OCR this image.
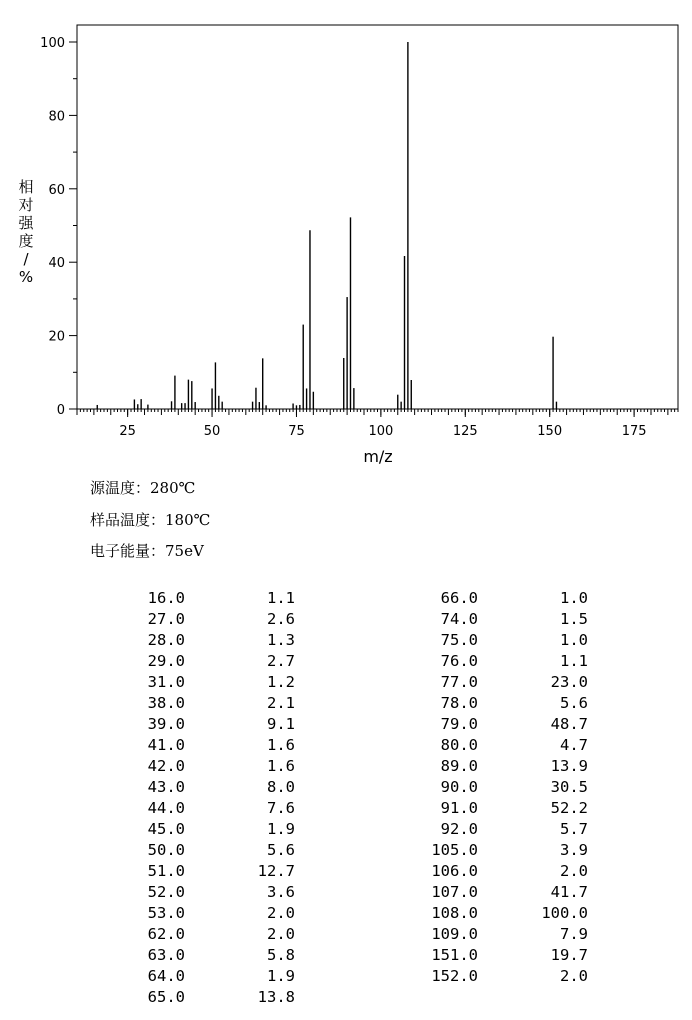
0
20
40
60
80
100
25	50	75	100	125	150	175
m/z
相
对
强
度
/
%
源温度：280℃
样品温度：180℃
电子能量：75eV
16.0	1.1
27.0	2.6
28.0	1.3
29.0	2.7
31.0	1.2
38.0	2.1
39.0	9.1
41.0	1.6
42.0	1.6
43.0	8.0
44.0	7.6
45.0	1.9
50.0	5.6
51.0	12.7
52.0	3.6
53.0	2.0
62.0	2.0
63.0	5.8
64.0	1.9
65.0	13.8
66.0	1.0
74.0	1.5
75.0	1.0
76.0	1.1
77.0	23.0
78.0	5.6
79.0	48.7
80.0	4.7
89.0	13.9
90.0	30.5
91.0	52.2
92.0	5.7
105.0	3.9
106.0	2.0
107.0	41.7
108.0	100.0
109.0	7.9
151.0	19.7
152.0	2.0
